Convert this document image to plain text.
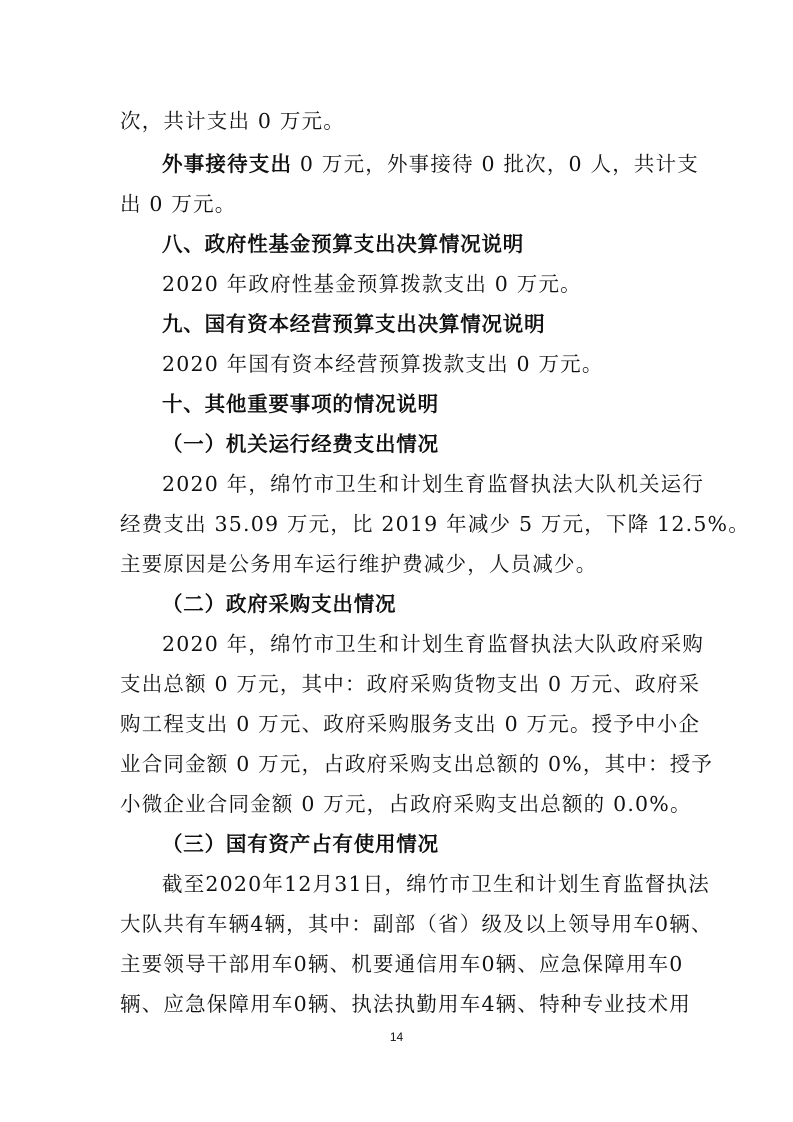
次，共计支出 0 万元。
外事接待支出 0 万元，外事接待 0 批次，0 人，共计支
出 0 万元。
八、政府性基金预算支出决算情况说明
2020 年政府性基金预算拨款支出 0 万元。
九、国有资本经营预算支出决算情况说明
2020 年国有资本经营预算拨款支出 0 万元。
十、其他重要事项的情况说明
（一）机关运行经费支出情况
2020 年，绵竹市卫生和计划生育监督执法大队机关运行
经费支出 35.09 万元，比 2019 年减少 5 万元，下降 12.5%。
主要原因是公务用车运行维护费减少，人员减少。
（二）政府采购支出情况
2020 年，绵竹市卫生和计划生育监督执法大队政府采购
支出总额 0 万元，其中：政府采购货物支出 0 万元、政府采
购工程支出 0 万元、政府采购服务支出 0 万元。授予中小企
业合同金额 0 万元，占政府采购支出总额的 0%，其中：授予
小微企业合同金额 0 万元，占政府采购支出总额的 0.0%。
（三）国有资产占有使用情况
截至2020年12月31日，绵竹市卫生和计划生育监督执法
大队共有车辆4辆，其中：副部（省）级及以上领导用车0辆、
主要领导干部用车0辆、机要通信用车0辆、应急保障用车0
辆、应急保障用车0辆、执法执勤用车4辆、特种专业技术用
14
